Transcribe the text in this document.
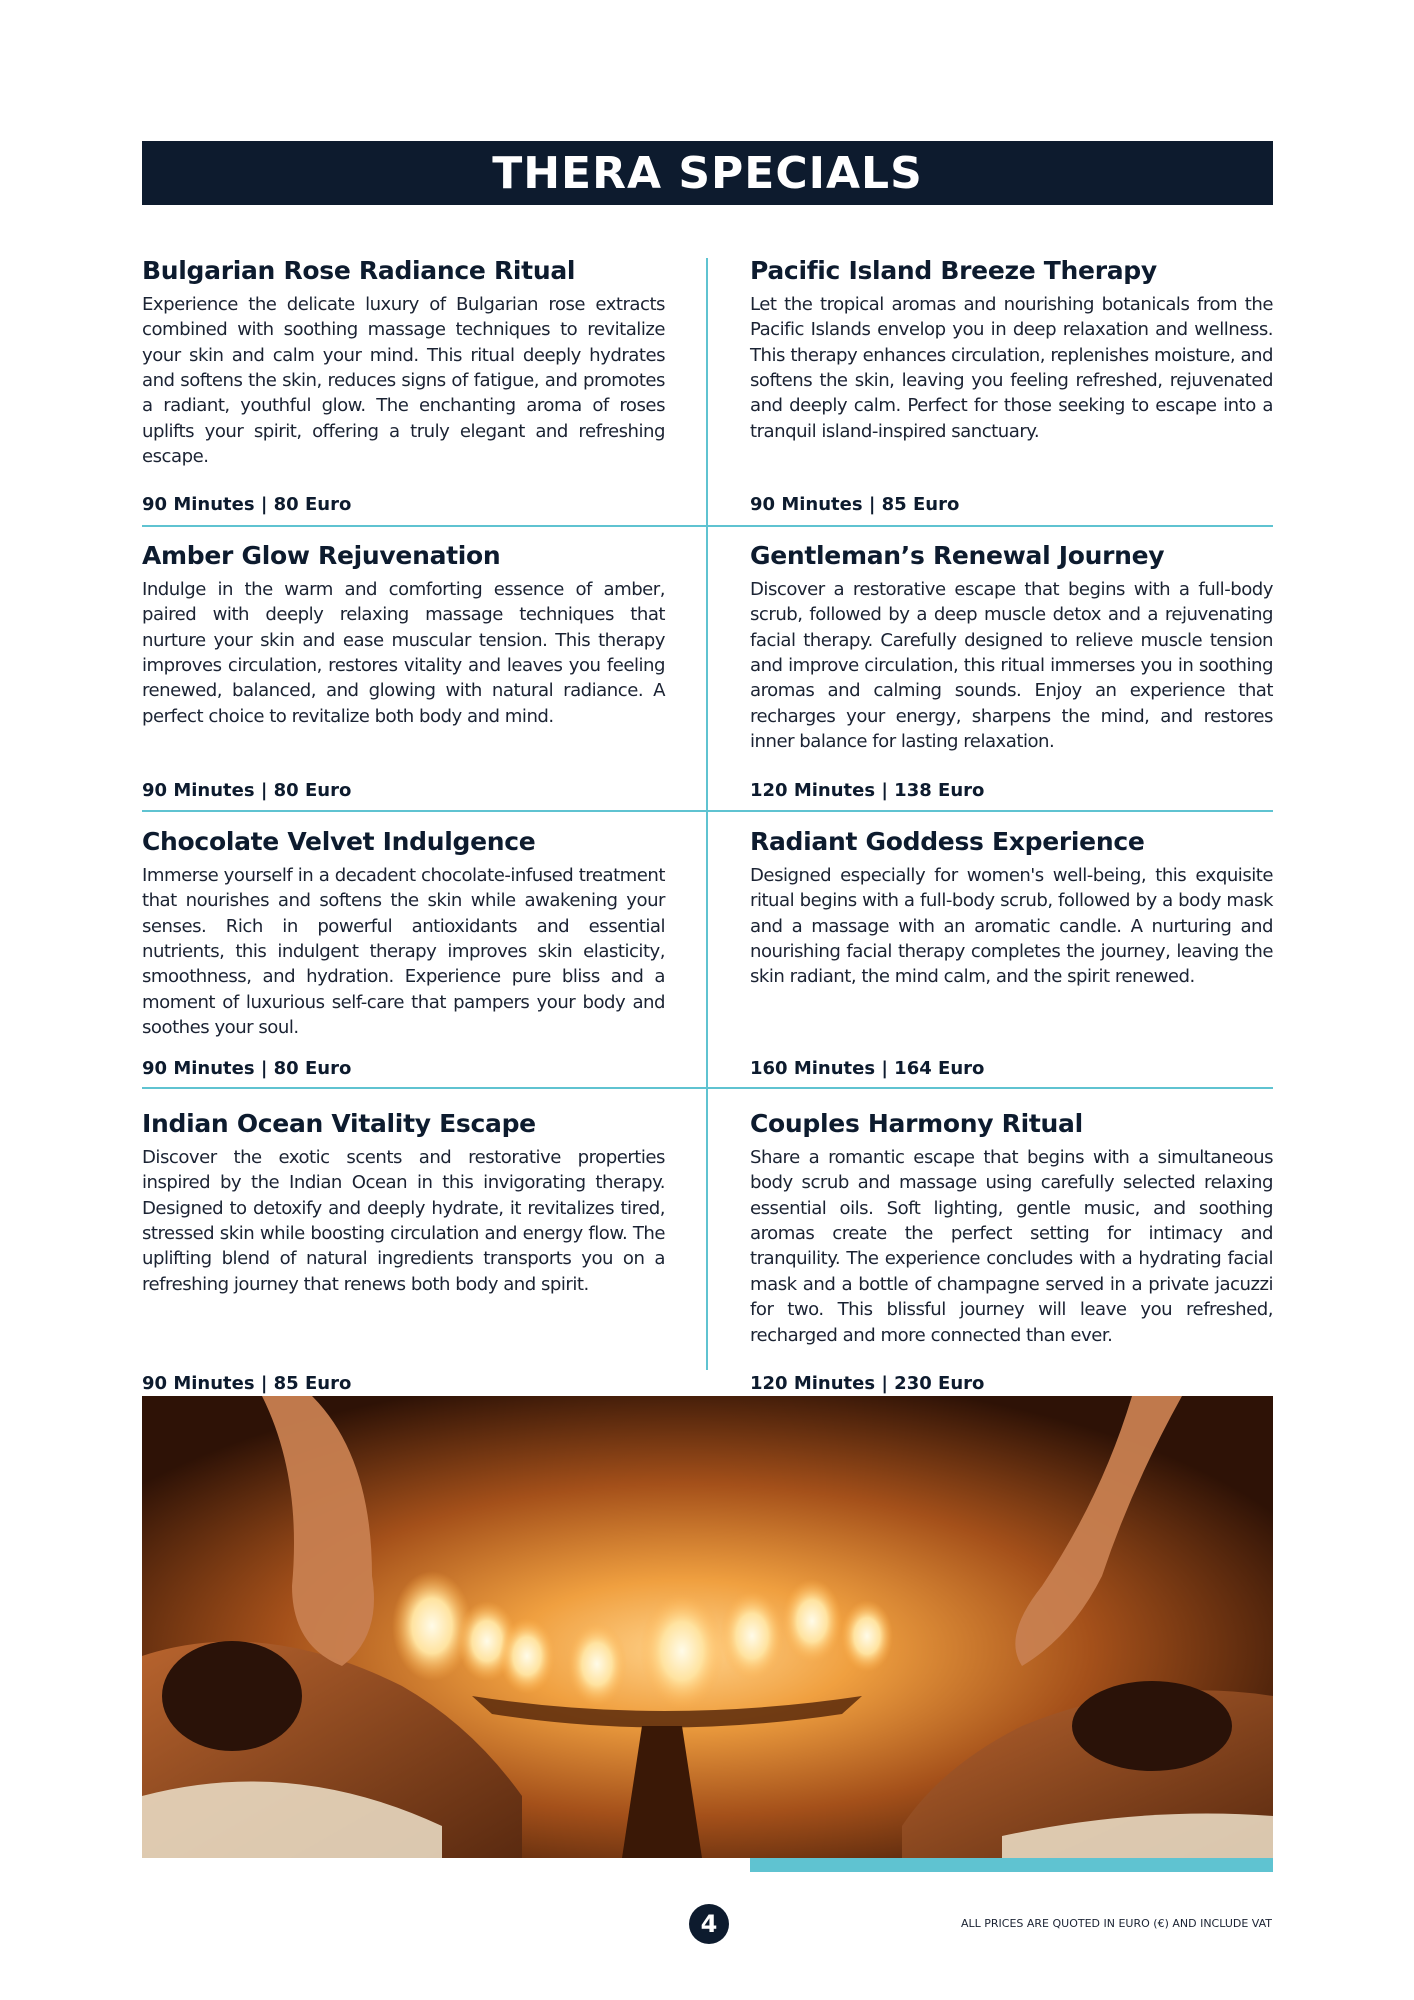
THERA SPECIALS
Bulgarian Rose Radiance Ritual

Experience the delicate luxury of Bulgarian rose extracts combined with soothing massage techniques to revitalize your skin and calm your mind. This ritual deeply hydrates and softens the skin, reduces signs of fatigue, and promotes a radiant, youthful glow. The enchanting aroma of roses uplifts your spirit, offering a truly elegant and refreshing escape.

90 Minutes | 80 Euro
Pacific Island Breeze Therapy

Let the tropical aromas and nourishing botanicals from the Pacific Islands envelop you in deep relaxation and wellness. This therapy enhances circulation, replenishes moisture, and softens the skin, leaving you feeling refreshed, rejuvenated and deeply calm. Perfect for those seeking to escape into a tranquil island-inspired sanctuary.

90 Minutes | 85 Euro
Amber Glow Rejuvenation

Indulge in the warm and comforting essence of amber, paired with deeply relaxing massage techniques that nurture your skin and ease muscular tension. This therapy improves circulation, restores vitality and leaves you feeling renewed, balanced, and glowing with natural radiance. A perfect choice to revitalize both body and mind.

90 Minutes | 80 Euro
Gentleman’s Renewal Journey

Discover a restorative escape that begins with a full-body scrub, followed by a deep muscle detox and a rejuvenating facial therapy. Carefully designed to relieve muscle tension and improve circulation, this ritual immerses you in soothing aromas and calming sounds. Enjoy an experience that recharges your energy, sharpens the mind, and restores inner balance for lasting relaxation.

120 Minutes | 138 Euro
Chocolate Velvet Indulgence

Immerse yourself in a decadent chocolate-infused treatment that nourishes and softens the skin while awakening your senses. Rich in powerful antioxidants and essential nutrients, this indulgent therapy improves skin elasticity, smoothness, and hydration. Experience pure bliss and a moment of luxurious self-care that pampers your body and soothes your soul.

90 Minutes | 80 Euro
Radiant Goddess Experience

Designed especially for women's well-being, this exquisite ritual begins with a full-body scrub, followed by a body mask and a massage with an aromatic candle. A nurturing and nourishing facial therapy completes the journey, leaving the skin radiant, the mind calm, and the spirit renewed.

160 Minutes | 164 Euro
Indian Ocean Vitality Escape

Discover the exotic scents and restorative properties inspired by the Indian Ocean in this invigorating therapy. Designed to detoxify and deeply hydrate, it revitalizes tired, stressed skin while boosting circulation and energy flow. The uplifting blend of natural ingredients transports you on a refreshing journey that renews both body and spirit.

90 Minutes | 85 Euro
Couples Harmony Ritual

Share a romantic escape that begins with a simultaneous body scrub and massage using carefully selected relaxing essential oils. Soft lighting, gentle music, and soothing aromas create the perfect setting for intimacy and tranquility. The experience concludes with a hydrating facial mask and a bottle of champagne served in a private jacuzzi for two. This blissful journey will leave you refreshed, recharged and more connected than ever.

120 Minutes | 230 Euro
4	ALL PRICES ARE QUOTED IN EURO (€) AND INCLUDE VAT
